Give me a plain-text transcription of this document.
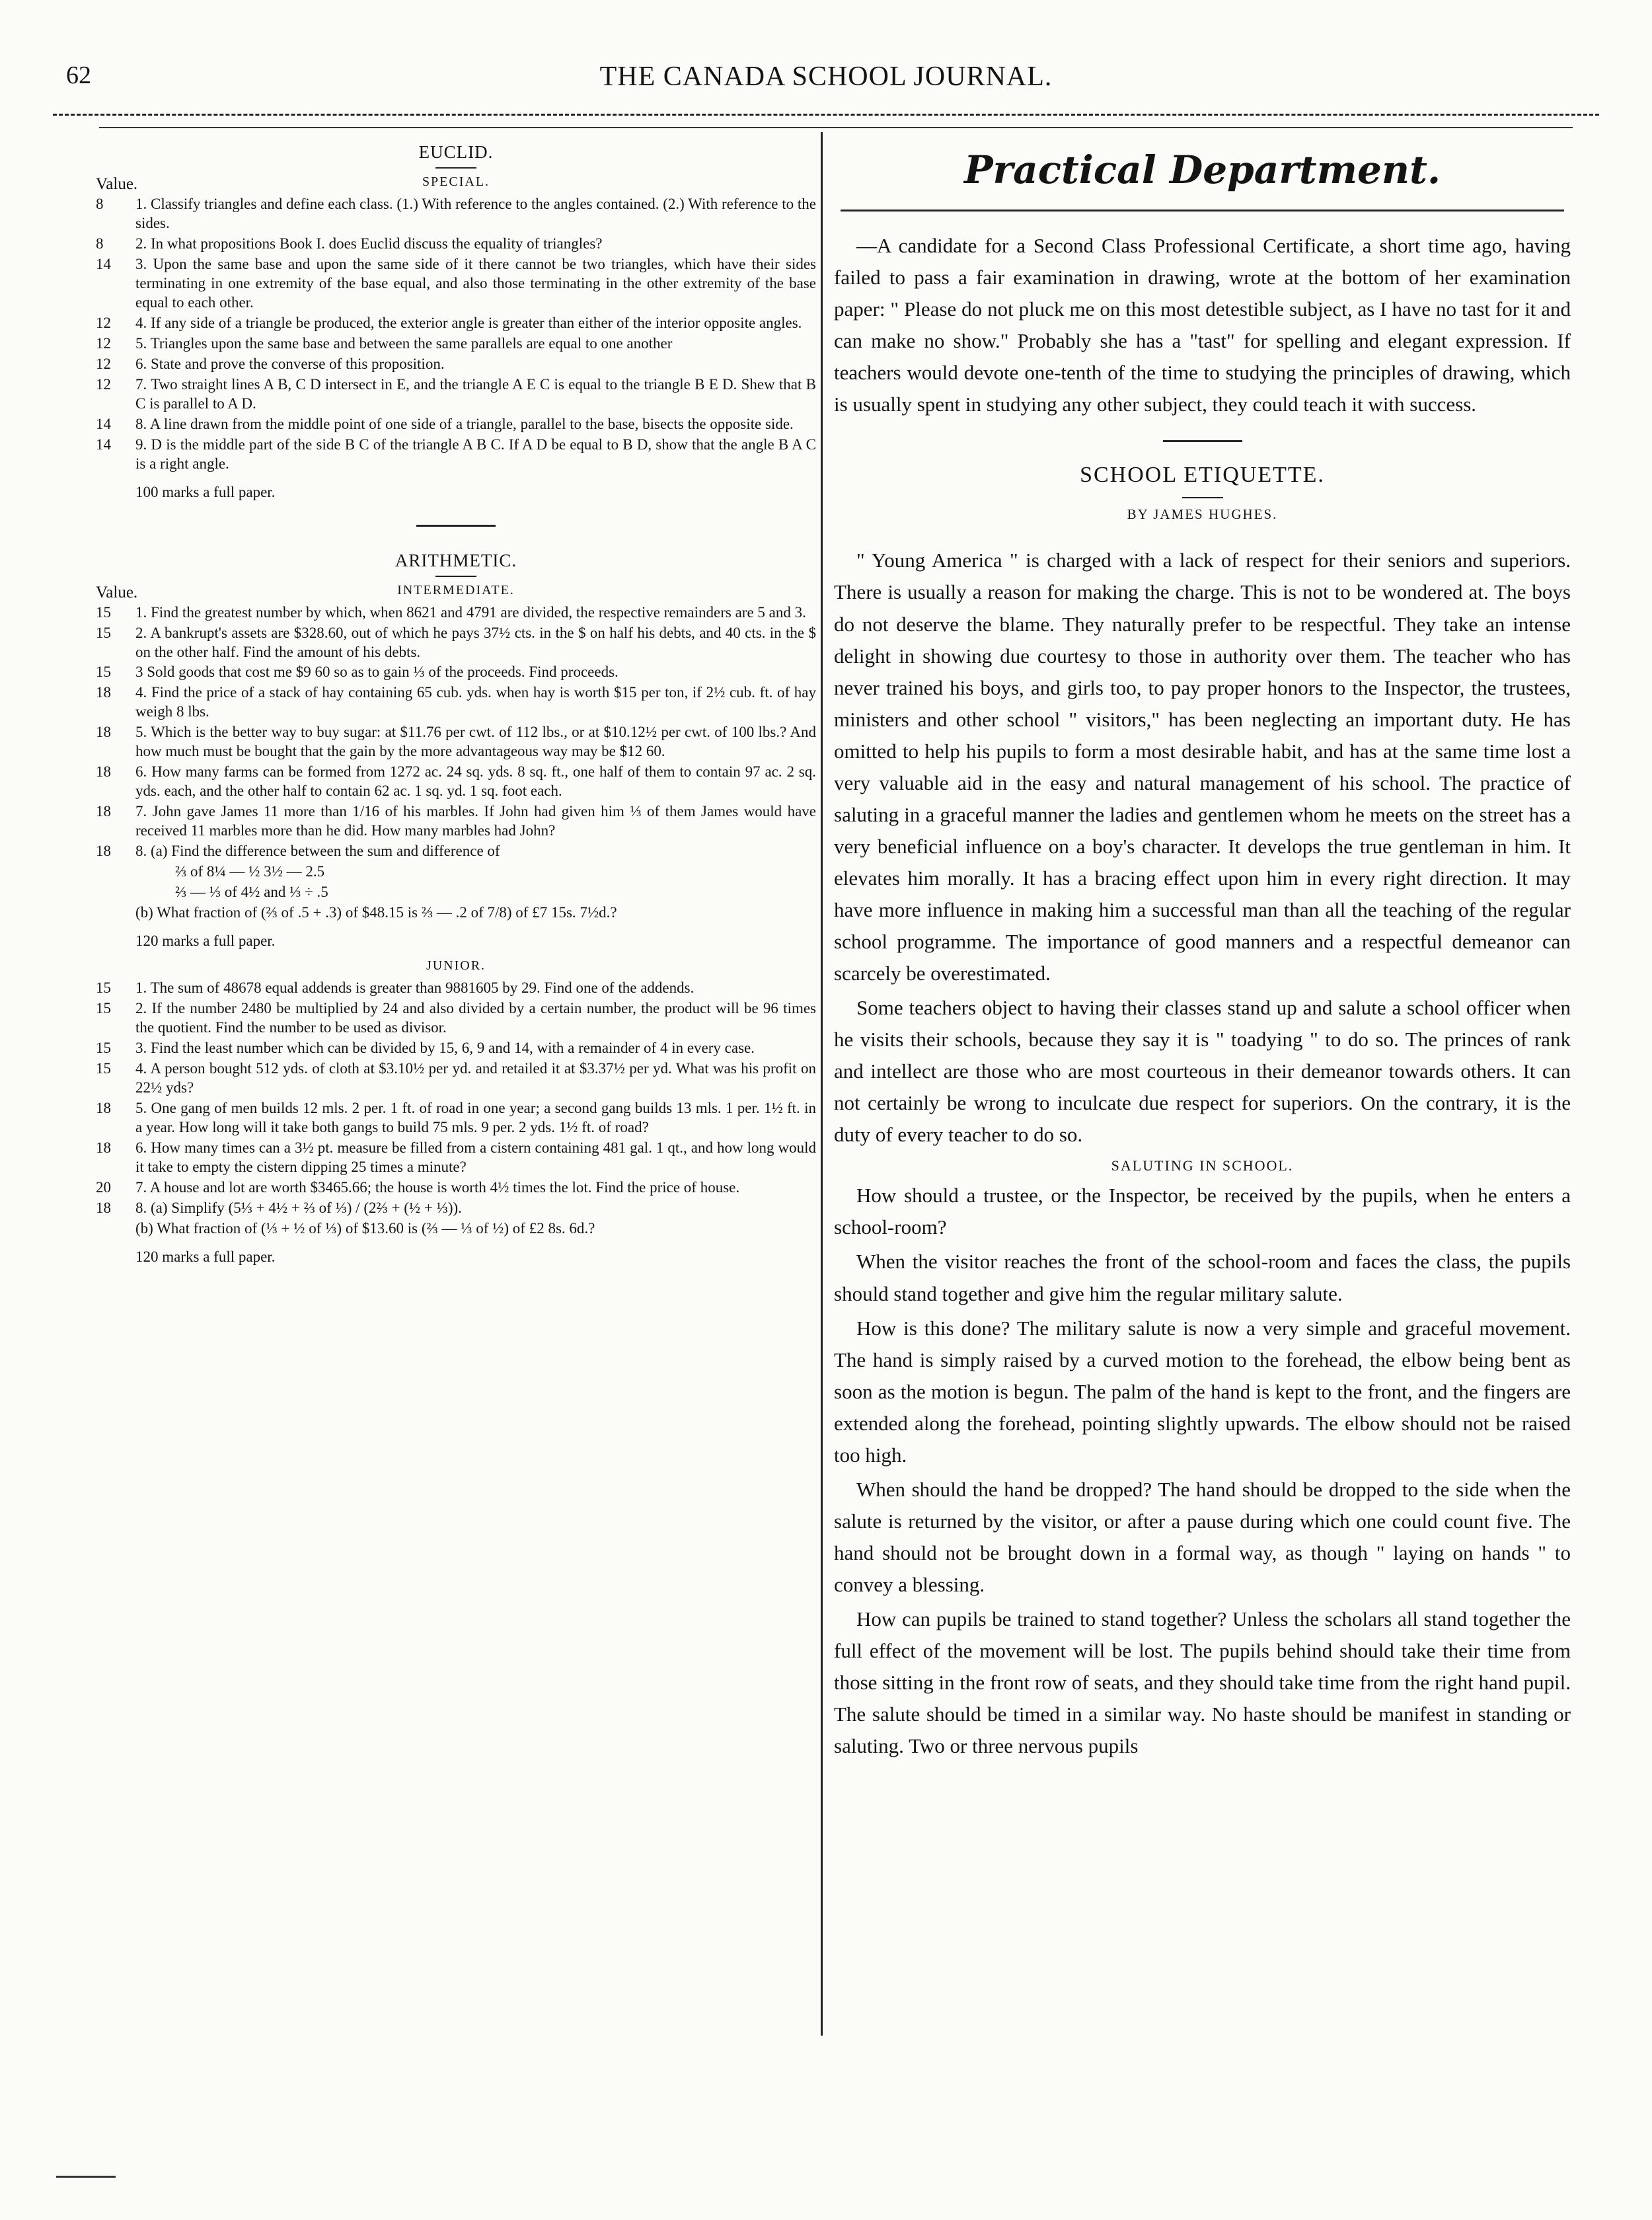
THE CANADA SCHOOL JOURNAL.
62
EUCLID.
Value.	SPECIAL.
8	1. Classify triangles and define each class. (1.) With reference to the angles contained. (2.) With reference to the sides.
8	2. In what propositions Book I. does Euclid discuss the equality of triangles?
14	3. Upon the same base and upon the same side of it there cannot be two triangles, which have their sides terminating in one extremity of the base equal, and also those terminating in the other extremity of the base equal to each other.
12	4. If any side of a triangle be produced, the exterior angle is greater than either of the interior opposite angles.
12	5. Triangles upon the same base and between the same parallels are equal to one another
12	6. State and prove the converse of this proposition.
12	7. Two straight lines A B, C D intersect in E, and the triangle A E C is equal to the triangle B E D. Shew that B C is parallel to A D.
14	8. A line drawn from the middle point of one side of a triangle, parallel to the base, bisects the opposite side.
14	9. D is the middle part of the side B C of the triangle A B C. If A D be equal to B D, show that the angle B A C is a right angle.
100 marks a full paper.
ARITHMETIC.
Value.	INTERMEDIATE.
15	1. Find the greatest number by which, when 8621 and 4791 are divided, the respective remainders are 5 and 3.
15	2. A bankrupt's assets are $328.60, out of which he pays 37½ cts. in the $ on half his debts, and 40 cts. in the $ on the other half. Find the amount of his debts.
15	3 Sold goods that cost me $9 60 so as to gain ⅓ of the proceeds. Find proceeds.
18	4. Find the price of a stack of hay containing 65 cub. yds. when hay is worth $15 per ton, if 2½ cub. ft. of hay weigh 8 lbs.
18	5. Which is the better way to buy sugar: at $11.76 per cwt. of 112 lbs., or at $10.12½ per cwt. of 100 lbs.? And how much must be bought that the gain by the more advantageous way may be $12 60.
18	6. How many farms can be formed from 1272 ac. 24 sq. yds. 8 sq. ft., one half of them to contain 97 ac. 2 sq. yds. each, and the other half to contain 62 ac. 1 sq. yd. 1 sq. foot each.
18	7. John gave James 11 more than 1/16 of his marbles. If John had given him ⅓ of them James would have received 11 marbles more than he did. How many marbles had John?
18	8. (a) Find the difference between the sum and difference of
⅔ of 8¼ — ½ 3½ — 2.5
⅔ — ⅓ of 4½ and ⅓ ÷ .5
(b) What fraction of (⅔ of .5 + .3) of $48.15 is ⅔ — .2 of 7/8) of £7 15s. 7½d.?
120 marks a full paper.
JUNIOR.
15	1. The sum of 48678 equal addends is greater than 9881605 by 29. Find one of the addends.
15	2. If the number 2480 be multiplied by 24 and also divided by a certain number, the product will be 96 times the quotient. Find the number to be used as divisor.
15	3. Find the least number which can be divided by 15, 6, 9 and 14, with a remainder of 4 in every case.
15	4. A person bought 512 yds. of cloth at $3.10½ per yd. and retailed it at $3.37½ per yd. What was his profit on 22½ yds?
18	5. One gang of men builds 12 mls. 2 per. 1 ft. of road in one year; a second gang builds 13 mls. 1 per. 1½ ft. in a year. How long will it take both gangs to build 75 mls. 9 per. 2 yds. 1½ ft. of road?
18	6. How many times can a 3½ pt. measure be filled from a cistern containing 481 gal. 1 qt., and how long would it take to empty the cistern dipping 25 times a minute?
20	7. A house and lot are worth $3465.66; the house is worth 4½ times the lot. Find the price of house.
18	8. (a) Simplify (5⅓ + 4½ + ⅔ of ⅓) / (2⅔ + (½ + ⅓)).
(b) What fraction of (⅓ + ½ of ⅓) of $13.60 is (⅔ — ⅓ of ½) of £2 8s. 6d.?
120 marks a full paper.
Practical Department.

—A candidate for a Second Class Professional Certificate, a short time ago, having failed to pass a fair examination in drawing, wrote at the bottom of her examination paper: " Please do not pluck me on this most detestible subject, as I have no tast for it and can make no show." Probably she has a "tast" for spelling and elegant expression. If teachers would devote one-tenth of the time to studying the principles of drawing, which is usually spent in studying any other subject, they could teach it with success.

SCHOOL ETIQUETTE.
BY JAMES HUGHES.

" Young America " is charged with a lack of respect for their seniors and superiors. There is usually a reason for making the charge. This is not to be wondered at. The boys do not deserve the blame. They naturally prefer to be respectful. They take an intense delight in showing due courtesy to those in authority over them. The teacher who has never trained his boys, and girls too, to pay proper honors to the Inspector, the trustees, ministers and other school " visitors," has been neglecting an important duty. He has omitted to help his pupils to form a most desirable habit, and has at the same time lost a very valuable aid in the easy and natural management of his school. The practice of saluting in a graceful manner the ladies and gentlemen whom he meets on the street has a very beneficial influence on a boy's character. It develops the true gentleman in him. It elevates him morally. It has a bracing effect upon him in every right direction. It may have more influence in making him a successful man than all the teaching of the regular school programme. The importance of good manners and a respectful demeanor can scarcely be overestimated.

Some teachers object to having their classes stand up and salute a school officer when he visits their schools, because they say it is " toadying " to do so. The princes of rank and intellect are those who are most courteous in their demeanor towards others. It can not certainly be wrong to inculcate due respect for superiors. On the contrary, it is the duty of every teacher to do so.

SALUTING IN SCHOOL.

How should a trustee, or the Inspector, be received by the pupils, when he enters a school-room?

When the visitor reaches the front of the school-room and faces the class, the pupils should stand together and give him the regular military salute.

How is this done? The military salute is now a very simple and graceful movement. The hand is simply raised by a curved motion to the forehead, the elbow being bent as soon as the motion is begun. The palm of the hand is kept to the front, and the fingers are extended along the forehead, pointing slightly upwards. The elbow should not be raised too high.

When should the hand be dropped? The hand should be dropped to the side when the salute is returned by the visitor, or after a pause during which one could count five. The hand should not be brought down in a formal way, as though " laying on hands " to convey a blessing.

How can pupils be trained to stand together? Unless the scholars all stand together the full effect of the movement will be lost. The pupils behind should take their time from those sitting in the front row of seats, and they should take time from the right hand pupil. The salute should be timed in a similar way. No haste should be manifest in standing or saluting. Two or three nervous pupils
